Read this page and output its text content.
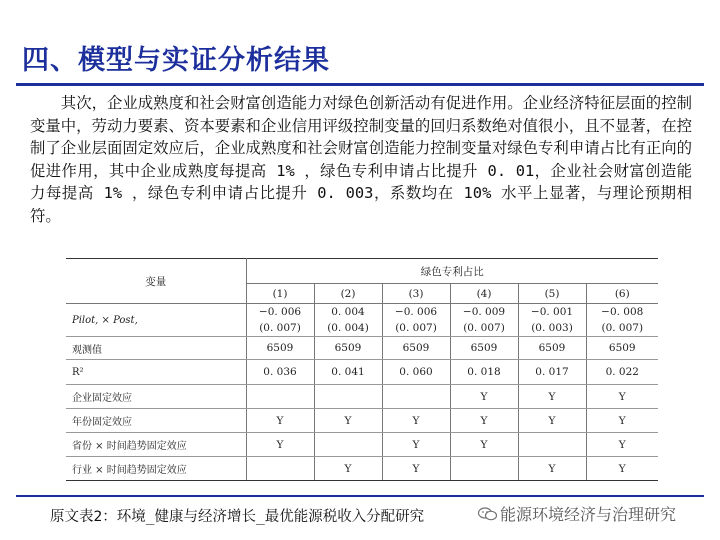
四、模型与实证分析结果

其次，企业成熟度和社会财富创造能力对绿色创新活动有促进作用。企业经济特征层面的控制变量中，劳动力要素、资本要素和企业信用评级控制变量的回归系数绝对值很小，且不显著，在控制了企业层面固定效应后，企业成熟度和社会财富创造能力控制变量对绿色专利申请占比有正向的促进作用，其中企业成熟度每提高 1% ，绿色专利申请占比提升 0. 01，企业社会财富创造能力每提高 1% ，绿色专利申请占比提升 0. 003，系数均在 10% 水平上显著，与理论预期相符。

变量	绿色专利占比					
	(1)	(2)	(3)	(4)	(5)	(6)
Pilot, × Post,	−0. 006	0. 004	−0. 006	−0. 009	−0. 001	−0. 008
	(0. 007)	(0. 004)	(0. 007)	(0. 007)	(0. 003)	(0. 007)
观测值	6509	6509	6509	6509	6509	6509
R²	0. 036	0. 041	0. 060	0. 018	0. 017	0. 022
企业固定效应				Y	Y	Y
年份固定效应	Y	Y	Y	Y	Y	Y
省份 × 时间趋势固定效应	Y		Y	Y		Y
行业 × 时间趋势固定效应		Y	Y		Y	Y
原文表2：环境_健康与经济增长_最优能源税收入分配研究	能源环境经济与治理研究
